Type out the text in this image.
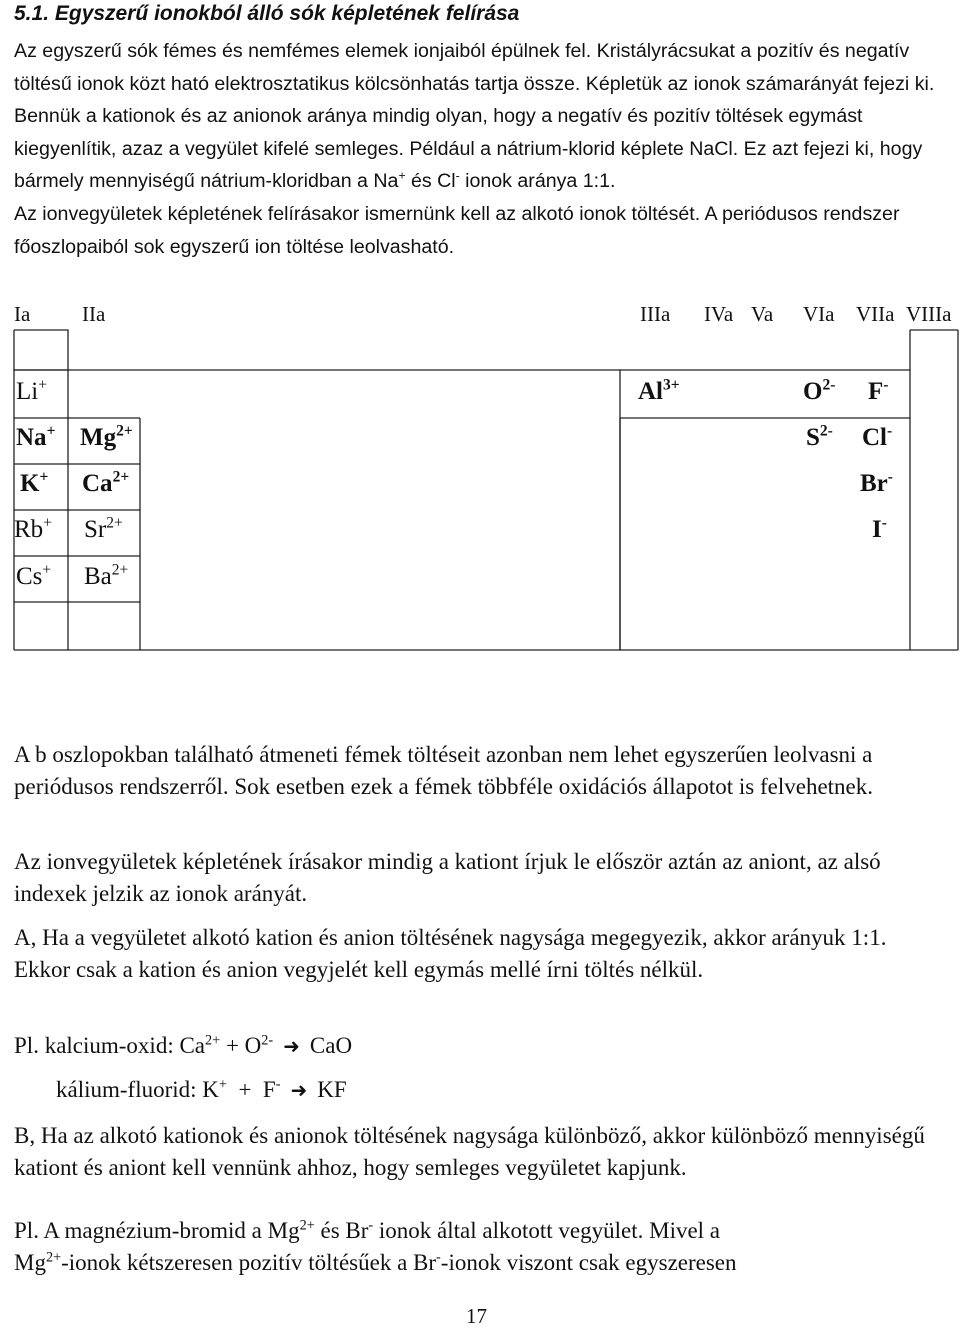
5.1. Egyszerű ionokból álló sók képletének felírása

Az egyszerű sók fémes és nemfémes elemek ionjaiból épülnek fel. Kristályrácsukat a pozitív és negatív töltésű ionok közt ható elektrosztatikus kölcsönhatás tartja össze. Képletük az ionok számarányát fejezi ki. Bennük a kationok és az anionok aránya mindig olyan, hogy a negatív és pozitív töltések egymást kiegyenlítik, azaz a vegyület kifelé semleges. Például a nátrium-klorid képlete NaCl. Ez azt fejezi ki, hogy bármely mennyiségű nátrium-kloridban a Na+ és Cl- ionok aránya 1:1.

Az ionvegyületek képletének felírásakor ismernünk kell az alkotó ionok töltését. A periódusos rendszer főoszlopaiból sok egyszerű ion töltése leolvasható.

Ia IIa	IIIa IVa Va VIa VIIa VIIIa
Li+
Na+
K+
Rb+
Cs+
$Mg^{2+}$
$Ca^{2+}$
$Sr^{2+}$
$Ba^{2+}$
$Al^{3+}$	$O^{2-}$
$S^{2-}$
F-
Cl-
Br-
I-

A b oszlopokban található átmeneti fémek töltéseit azonban nem lehet egyszerűen leolvasni a periódusos rendszerről. Sok esetben ezek a fémek többféle oxidációs állapotot is felvehetnek.

Az ionvegyületek képletének írásakor mindig a kationt írjuk le először aztán az aniont, az alsó indexek jelzik az ionok arányát.

A, Ha a vegyületet alkotó kation és anion töltésének nagysága megegyezik, akkor arányuk 1:1. Ekkor csak a kation és anion vegyjelét kell egymás mellé írni töltés nélkül.

Pl. kalcium-oxid: $Ca^{2+} + O^{2-}$ ➜ CaO
kálium-fluorid: K+  +  F- ➜ KF

B, Ha az alkotó kationok és anionok töltésének nagysága különböző, akkor különböző mennyiségű kationt és aniont kell vennünk ahhoz, hogy semleges vegyületet kapjunk.

Pl. A magnézium-bromid a $Mg^{2+}$ és Br- ionok által alkotott vegyület. Mivel a
$Mg^{2+}$-ionok kétszeresen pozitív töltésűek a Br--ionok viszont csak egyszeresen

17
